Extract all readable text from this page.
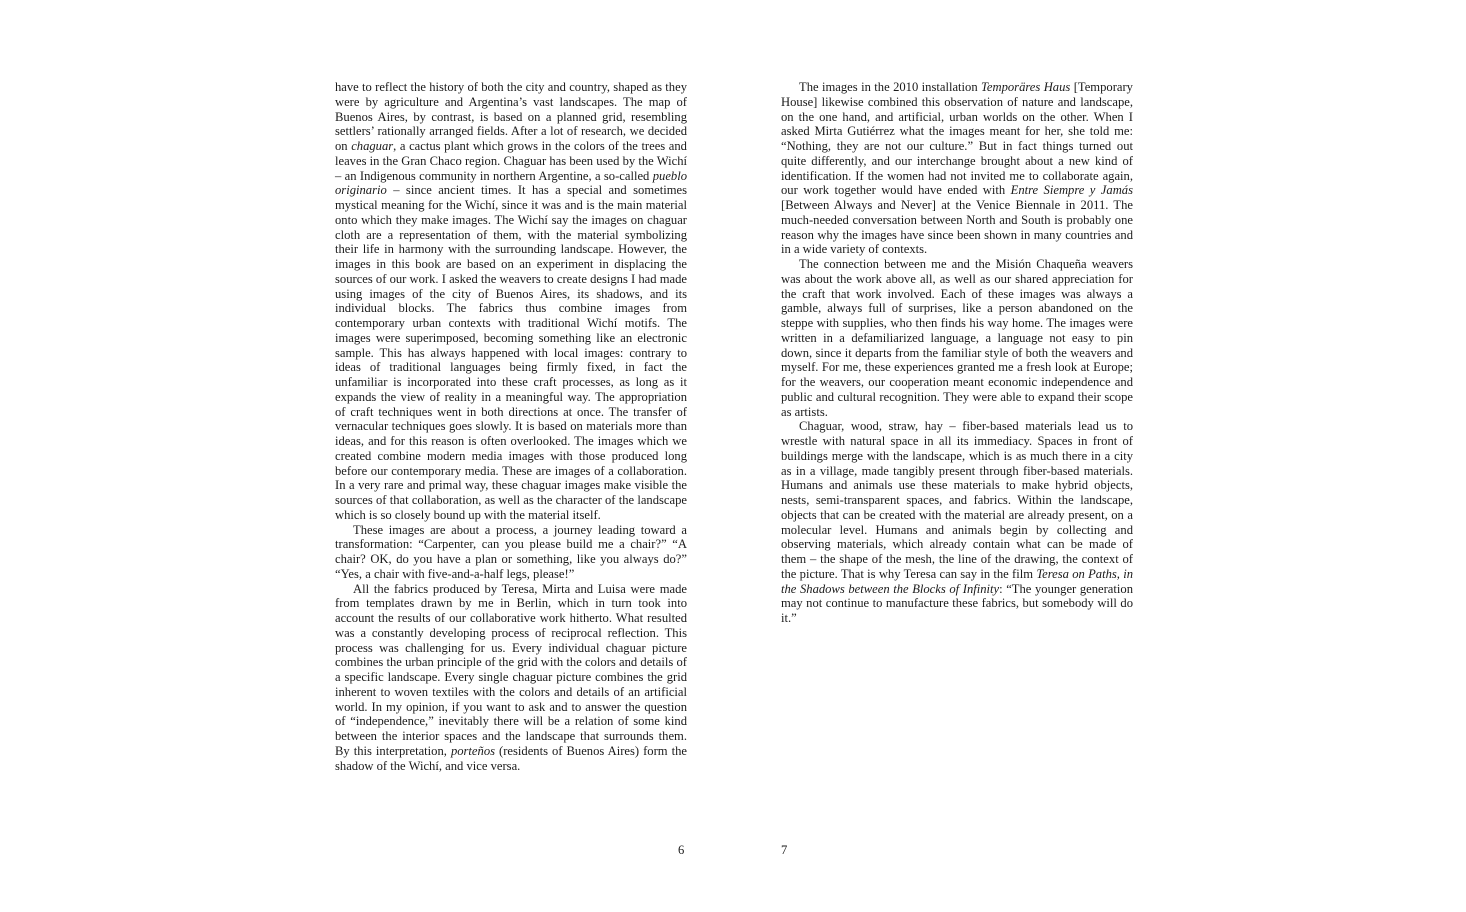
have to reflect the history of both the city and country, shaped as they were by agriculture and Argentina’s vast landscapes. The map of Buenos Aires, by contrast, is based on a planned grid, resembling settlers’ rationally arranged fields. After a lot of research, we decided on chaguar, a cactus plant which grows in the colors of the trees and leaves in the Gran Chaco region. Chaguar has been used by the Wichí – an Indigenous community in northern Argentine, a so-called pueblo originario – since ancient times. It has a special and sometimes mystical meaning for the Wichí, since it was and is the main material onto which they make images. The Wichí say the images on chaguar cloth are a representation of them, with the material symbolizing their life in harmony with the surrounding landscape. However, the images in this book are based on an experiment in displacing the sources of our work. I asked the weavers to create designs I had made using images of the city of Buenos Aires, its shadows, and its individual blocks. The fabrics thus combine images from contemporary urban contexts with traditional Wichí motifs. The images were superimposed, becoming something like an electronic sample. This has always happened with local images: contrary to ideas of traditional languages being firmly fixed, in fact the unfamiliar is incorporated into these craft processes, as long as it expands the view of reality in a meaningful way. The appropriation of craft techniques went in both directions at once. The transfer of vernacular techniques goes slowly. It is based on materials more than ideas, and for this reason is often overlooked. The images which we created combine modern media images with those produced long before our contemporary media. These are images of a collaboration. In a very rare and primal way, these chaguar images make visible the sources of that collaboration, as well as the character of the landscape which is so closely bound up with the material itself.

These images are about a process, a journey leading toward a transformation: “Carpenter, can you please build me a chair?” “A chair? OK, do you have a plan or something, like you always do?” “Yes, a chair with five-and-a-half legs, please!”

All the fabrics produced by Teresa, Mirta and Luisa were made from templates drawn by me in Berlin, which in turn took into account the results of our collaborative work hitherto. What resulted was a constantly developing process of reciprocal reflection. This process was challenging for us. Every individual chaguar picture combines the urban principle of the grid with the colors and details of a specific landscape. Every single chaguar picture combines the grid inherent to woven textiles with the colors and details of an artificial world. In my opinion, if you want to ask and to answer the question of “independence,” inevitably there will be a relation of some kind between the interior spaces and the landscape that surrounds them. By this interpretation, porteños (residents of Buenos Aires) form the shadow of the Wichí, and vice versa.

6

The images in the 2010 installation Temporäres Haus [Temporary House] likewise combined this observation of nature and landscape, on the one hand, and artificial, urban worlds on the other. When I asked Mirta Gutiérrez what the images meant for her, she told me: “Nothing, they are not our culture.” But in fact things turned out quite differently, and our interchange brought about a new kind of identification. If the women had not invited me to collaborate again, our work together would have ended with Entre Siempre y Jamás [Between Always and Never] at the Venice Biennale in 2011. The much-needed conversation between North and South is probably one reason why the images have since been shown in many countries and in a wide variety of contexts.

The connection between me and the Misión Chaqueña weavers was about the work above all, as well as our shared appreciation for the craft that work involved. Each of these images was always a gamble, always full of surprises, like a person abandoned on the steppe with supplies, who then finds his way home. The images were written in a defamiliarized language, a language not easy to pin down, since it departs from the familiar style of both the weavers and myself. For me, these experiences granted me a fresh look at Europe; for the weavers, our cooperation meant economic independence and public and cultural recognition. They were able to expand their scope as artists.

Chaguar, wood, straw, hay – fiber-based materials lead us to wrestle with natural space in all its immediacy. Spaces in front of buildings merge with the landscape, which is as much there in a city as in a village, made tangibly present through fiber-based materials. Humans and animals use these materials to make hybrid objects, nests, semi-transparent spaces, and fabrics. Within the landscape, objects that can be created with the material are already present, on a molecular level. Humans and animals begin by collecting and observing materials, which already contain what can be made of them – the shape of the mesh, the line of the drawing, the context of the picture. That is why Teresa can say in the film Teresa on Paths, in the Shadows between the Blocks of Infinity: “The younger generation may not continue to manufacture these fabrics, but somebody will do it.”

7
